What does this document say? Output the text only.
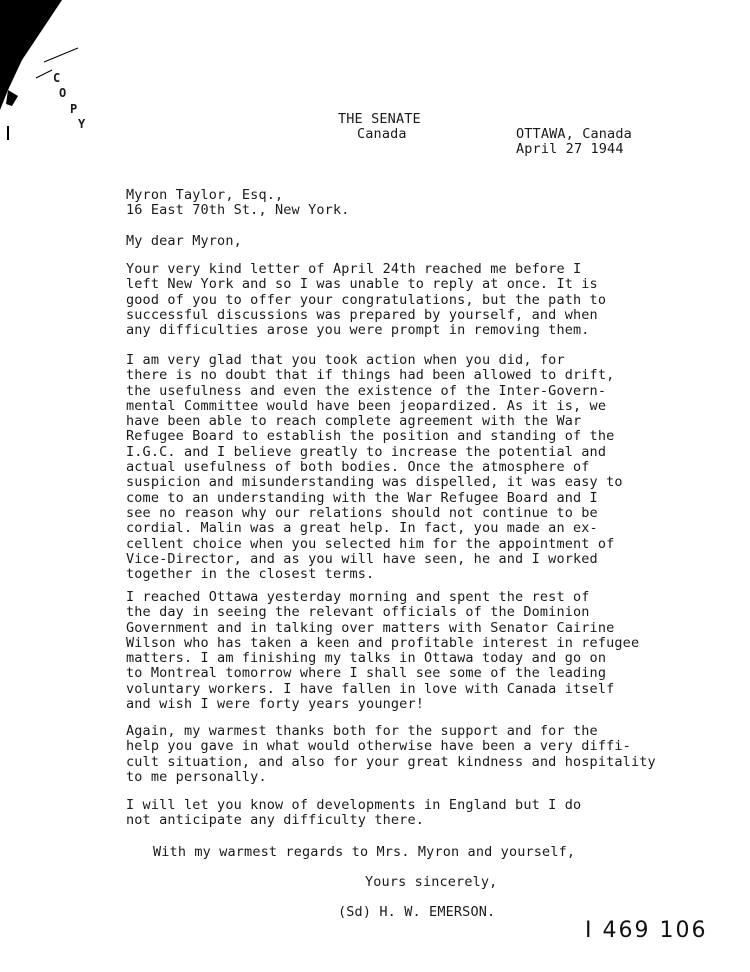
C
O
P
Y	THE SENATE
Canada	OTTAWA, Canada
April 27 1944
Myron Taylor, Esq.,
16 East 70th St., New York.
My dear Myron,
Your very kind letter of April 24th reached me before I
left New York and so I was unable to reply at once. It is
good of you to offer your congratulations, but the path to
successful discussions was prepared by yourself, and when
any difficulties arose you were prompt in removing them.
I am very glad that you took action when you did, for
there is no doubt that if things had been allowed to drift,
the usefulness and even the existence of the Inter-Govern-
mental Committee would have been jeopardized. As it is, we
have been able to reach complete agreement with the War
Refugee Board to establish the position and standing of the
I.G.C. and I believe greatly to increase the potential and
actual usefulness of both bodies. Once the atmosphere of
suspicion and misunderstanding was dispelled, it was easy to
come to an understanding with the War Refugee Board and I
see no reason why our relations should not continue to be
cordial. Malin was a great help. In fact, you made an ex-
cellent choice when you selected him for the appointment of
Vice-Director, and as you will have seen, he and I worked
together in the closest terms.
I reached Ottawa yesterday morning and spent the rest of
the day in seeing the relevant officials of the Dominion
Government and in talking over matters with Senator Cairine
Wilson who has taken a keen and profitable interest in refugee
matters. I am finishing my talks in Ottawa today and go on
to Montreal tomorrow where I shall see some of the leading
voluntary workers. I have fallen in love with Canada itself
and wish I were forty years younger!
Again, my warmest thanks both for the support and for the
help you gave in what would otherwise have been a very diffi-
cult situation, and also for your great kindness and hospitality
to me personally.
I will let you know of developments in England but I do
not anticipate any difficulty there.
With my warmest regards to Mrs. Myron and yourself,
Yours sincerely,
(Sd) H. W. EMERSON.
I 469 106
